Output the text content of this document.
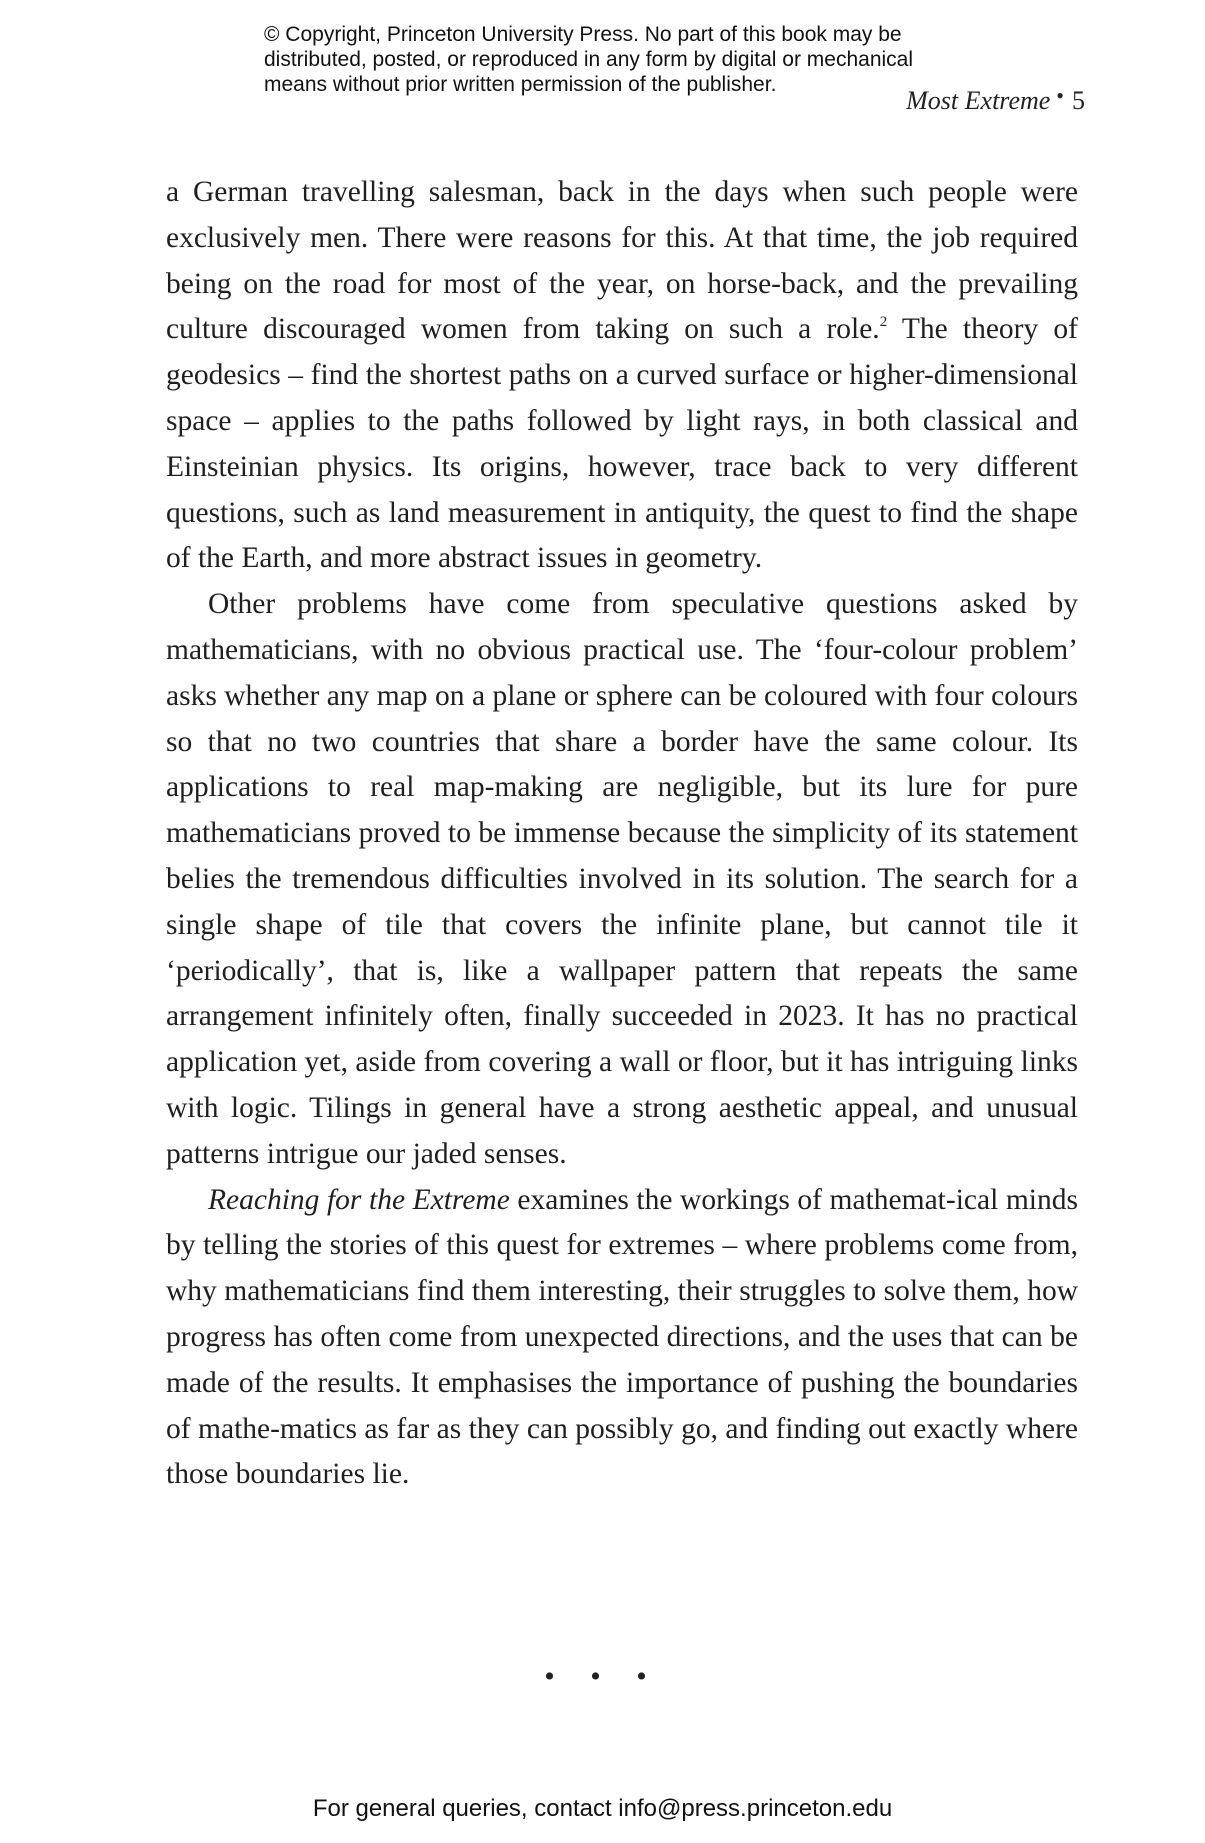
© Copyright, Princeton University Press. No part of this book may be
distributed, posted, or reproduced in any form by digital or mechanical
means without prior written permission of the publisher.
Most Extreme • 5

a German travelling salesman, back in the days when such people were exclusively men. There were reasons for this. At that time, the job required being on the road for most of the year, on horse-back, and the prevailing culture discouraged women from taking on such a role.$^2$ The theory of geodesics – find the shortest paths on a curved surface or higher-dimensional space – applies to the paths followed by light rays, in both classical and Einsteinian physics. Its origins, however, trace back to very different questions, such as land measurement in antiquity, the quest to find the shape of the Earth, and more abstract issues in geometry.

Other problems have come from speculative questions asked by mathematicians, with no obvious practical use. The ‘four-colour problem’ asks whether any map on a plane or sphere can be coloured with four colours so that no two countries that share a border have the same colour. Its applications to real map-making are negligible, but its lure for pure mathematicians proved to be immense because the simplicity of its statement belies the tremendous difficulties involved in its solution. The search for a single shape of tile that covers the infinite plane, but cannot tile it ‘periodically’, that is, like a wallpaper pattern that repeats the same arrangement infinitely often, finally succeeded in 2023. It has no practical application yet, aside from covering a wall or floor, but it has intriguing links with logic. Tilings in general have a strong aesthetic appeal, and unusual patterns intrigue our jaded senses.

Reaching for the Extreme examines the workings of mathemat-ical minds by telling the stories of this quest for extremes – where problems come from, why mathematicians find them interesting, their struggles to solve them, how progress has often come from unexpected directions, and the uses that can be made of the results. It emphasises the importance of pushing the boundaries of mathe-matics as far as they can possibly go, and finding out exactly where those boundaries lie.

• • •
For general queries, contact info@press.princeton.edu
